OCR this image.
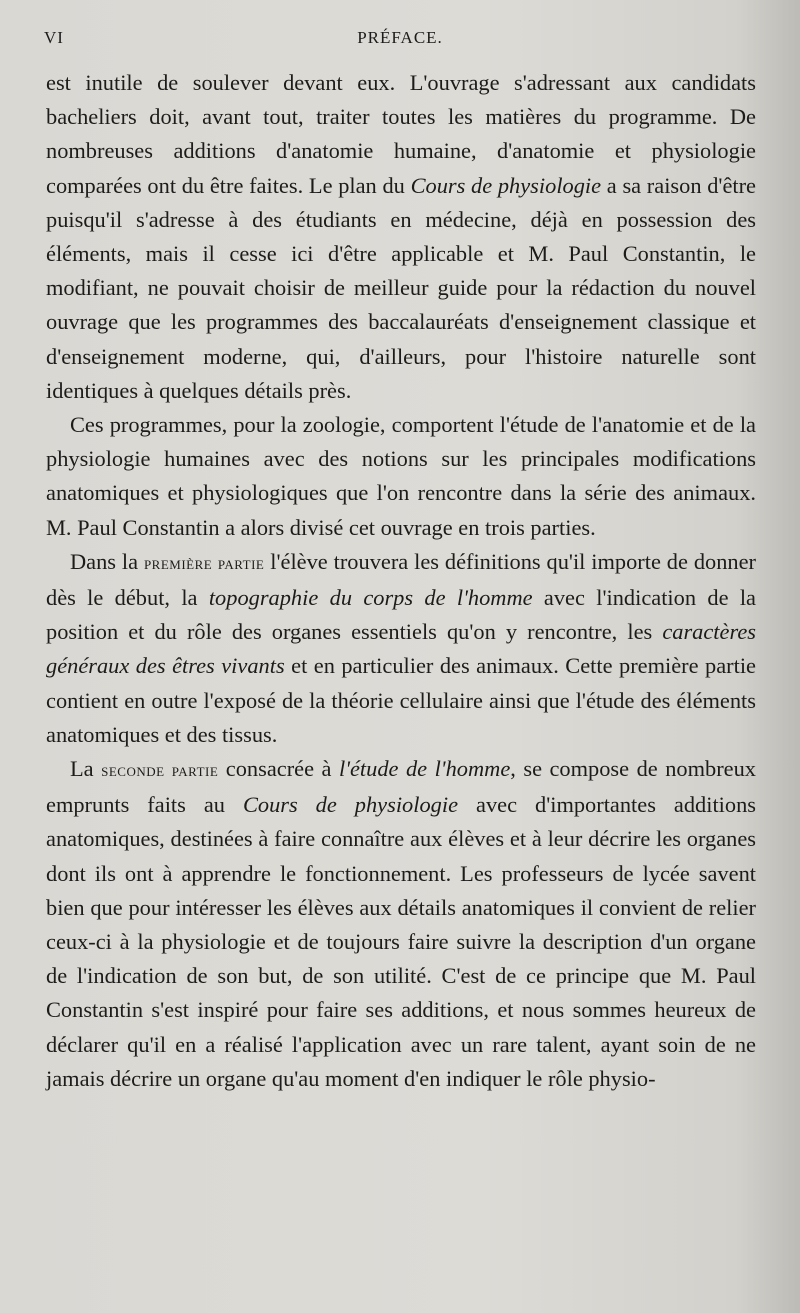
VI	PRÉFACE.

est inutile de soulever devant eux. L'ouvrage s'adressant aux candidats bacheliers doit, avant tout, traiter toutes les matières du programme. De nombreuses additions d'anatomie humaine, d'anatomie et physiologie comparées ont du être faites. Le plan du Cours de physiologie a sa raison d'être puisqu'il s'adresse à des étudiants en médecine, déjà en possession des éléments, mais il cesse ici d'être applicable et M. Paul Constantin, le modifiant, ne pouvait choisir de meilleur guide pour la rédaction du nouvel ouvrage que les programmes des baccalauréats d'enseignement classique et d'enseignement moderne, qui, d'ailleurs, pour l'histoire naturelle sont identiques à quelques détails près.

Ces programmes, pour la zoologie, comportent l'étude de l'anatomie et de la physiologie humaines avec des notions sur les principales modifications anatomiques et physiologiques que l'on rencontre dans la série des animaux. M. Paul Constantin a alors divisé cet ouvrage en trois parties.

Dans la première partie l'élève trouvera les définitions qu'il importe de donner dès le début, la topographie du corps de l'homme avec l'indication de la position et du rôle des organes essentiels qu'on y rencontre, les caractères généraux des êtres vivants et en particulier des animaux. Cette première partie contient en outre l'exposé de la théorie cellulaire ainsi que l'étude des éléments anatomiques et des tissus.

La seconde partie consacrée à l'étude de l'homme, se compose de nombreux emprunts faits au Cours de physiologie avec d'importantes additions anatomiques, destinées à faire connaître aux élèves et à leur décrire les organes dont ils ont à apprendre le fonctionnement. Les professeurs de lycée savent bien que pour intéresser les élèves aux détails anatomiques il convient de relier ceux-ci à la physiologie et de toujours faire suivre la description d'un organe de l'indication de son but, de son utilité. C'est de ce principe que M. Paul Constantin s'est inspiré pour faire ses additions, et nous sommes heureux de déclarer qu'il en a réalisé l'application avec un rare talent, ayant soin de ne jamais décrire un organe qu'au moment d'en indiquer le rôle physio-
